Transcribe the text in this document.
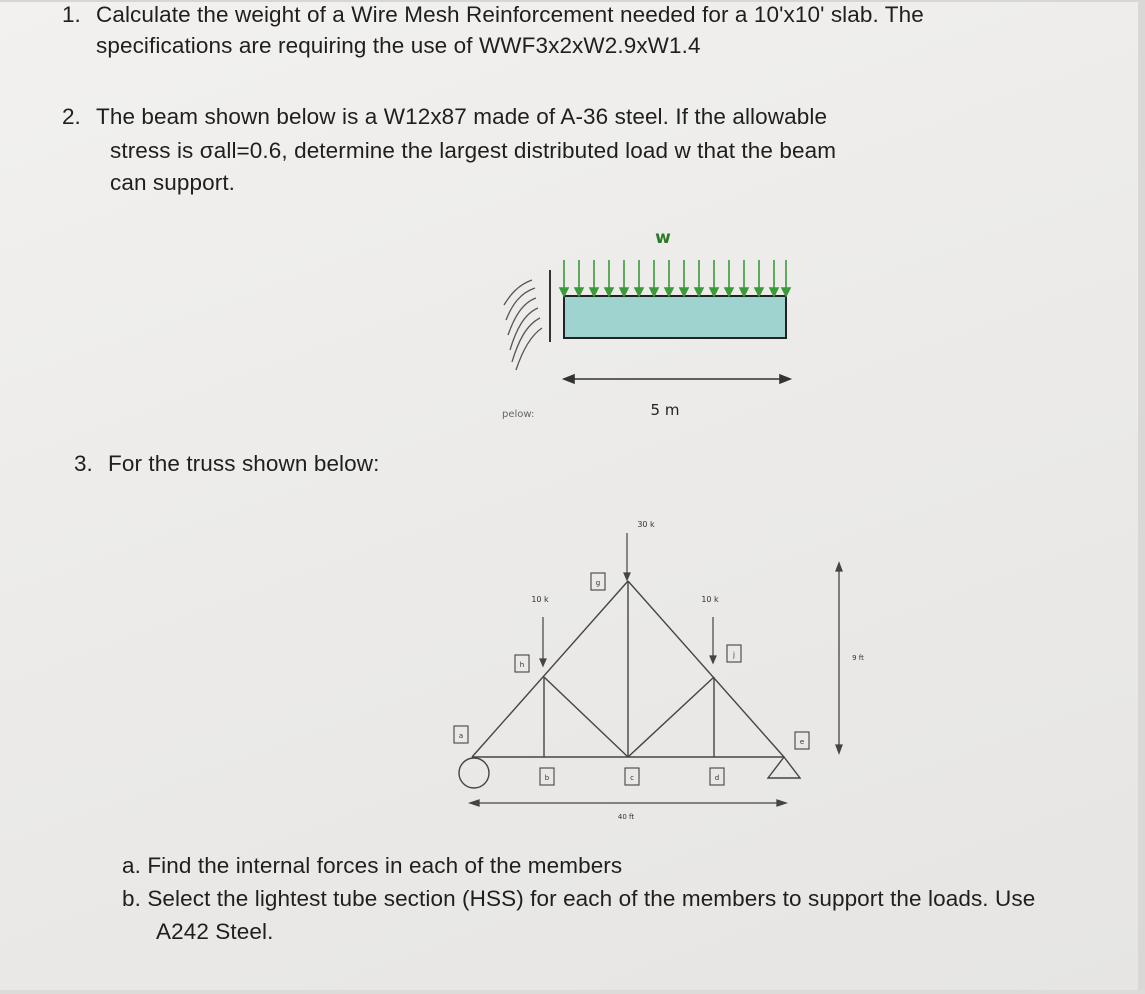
1. Calculate the weight of a Wire Mesh Reinforcement needed for a 10'x10' slab. The
specifications are requiring the use of WWF3x2xW2.9xW1.4
2. The beam shown below is a W12x87 made of A-36 steel. If the allowable
stress is σall=0.6, determine the largest distributed load w that the beam
can support.
w
5 m
pelow:
3. For the truss shown below:
30 k
10 k	10 k
a
b	c	d
e
h
g
j	9 ft
40 ft
a. Find the internal forces in each of the members
b. Select the lightest tube section (HSS) for each of the members to support the loads. Use
A242 Steel.
